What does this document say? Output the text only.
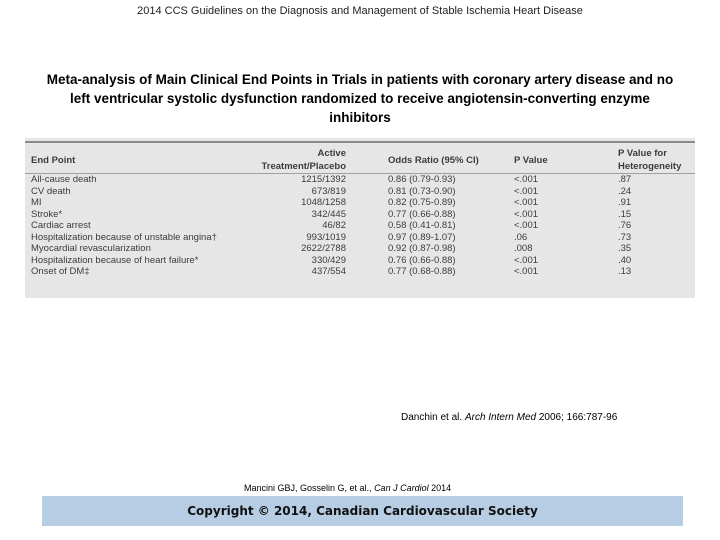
2014 CCS Guidelines on the Diagnosis and Management of Stable Ischemia Heart Disease
Meta-analysis of Main Clinical End Points in Trials in patients with coronary artery disease and no left ventricular systolic dysfunction randomized to receive angiotensin-converting enzyme inhibitors
End Point	Active Treatment/Placebo	Odds Ratio (95% CI)	P Value	P Value for Heterogeneity
All-cause death	1215/1392	0.86 (0.79-0.93)	<.001	.87
CV death	673/819	0.81 (0.73-0.90)	<.001	.24
MI	1048/1258	0.82 (0.75-0.89)	<.001	.91
Stroke*	342/445	0.77 (0.66-0.88)	<.001	.15
Cardiac arrest	46/82	0.58 (0.41-0.81)	<.001	.76
Hospitalization because of unstable angina†	993/1019	0.97 (0.89-1.07)	.06	.73
Myocardial revascularization	2622/2788	0.92 (0.87-0.98)	.008	.35
Hospitalization because of heart failure*	330/429	0.76 (0.66-0.88)	<.001	.40
Onset of DM‡	437/554	0.77 (0.68-0.88)	<.001	.13
Danchin et al. Arch Intern Med 2006; 166:787-96
Mancini GBJ, Gosselin G, et al., Can J Cardiol 2014
Copyright © 2014, Canadian Cardiovascular Society
